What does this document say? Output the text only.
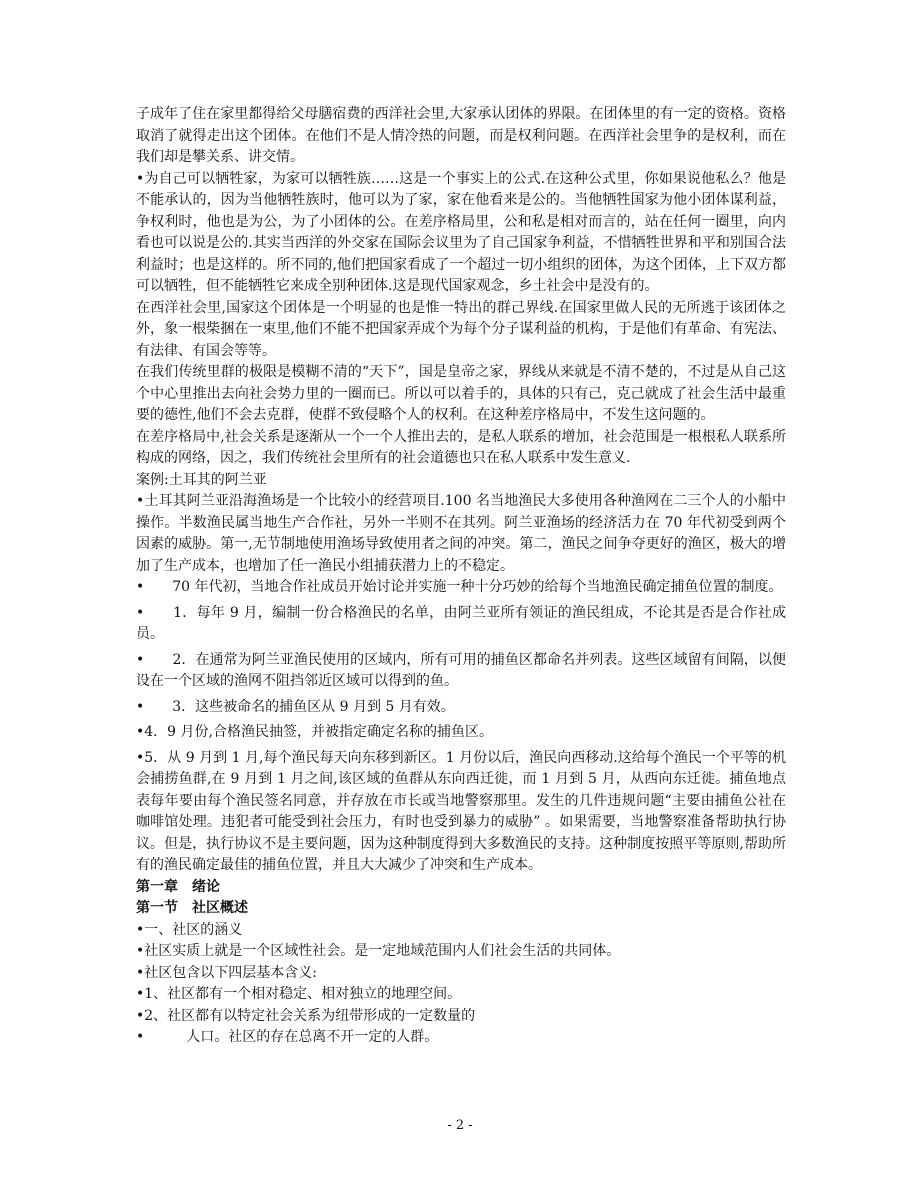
子成年了住在家里都得给父母膳宿费的西洋社会里,大家承认团体的界限。在团体里的有一定的资格。资格取消了就得走出这个团体。在他们不是人情冷热的问题，而是权利问题。在西洋社会里争的是权利，而在我们却是攀关系、讲交情。

•为自己可以牺牲家，为家可以牺牲族……这是一个事实上的公式.在这种公式里，你如果说他私么？他是不能承认的，因为当他牺牲族时，他可以为了家，家在他看来是公的。当他牺牲国家为他小团体谋利益，争权利时，他也是为公，为了小团体的公。在差序格局里，公和私是相对而言的，站在任何一圈里，向内看也可以说是公的.其实当西洋的外交家在国际会议里为了自己国家争利益，不惜牺牲世界和平和别国合法利益时；也是这样的。所不同的,他们把国家看成了一个超过一切小组织的团体，为这个团体，上下双方都可以牺牲，但不能牺牲它来成全别种团体.这是现代国家观念，乡土社会中是没有的。

在西洋社会里,国家这个团体是一个明显的也是惟一特出的群己界线.在国家里做人民的无所逃于该团体之外，象一根柴捆在一束里,他们不能不把国家弄成个为每个分子谋利益的机构，于是他们有革命、有宪法、有法律、有国会等等。

在我们传统里群的极限是模糊不清的“天下”，国是皇帝之家，界线从来就是不清不楚的，不过是从自己这个中心里推出去向社会势力里的一圈而已。所以可以着手的，具体的只有己，克己就成了社会生活中最重要的德性,他们不会去克群，使群不致侵略个人的权利。在这种差序格局中，不发生这问题的。

在差序格局中,社会关系是逐渐从一个一个人推出去的，是私人联系的增加，社会范围是一根根私人联系所构成的网络，因之，我们传统社会里所有的社会道德也只在私人联系中发生意义.

案例:土耳其的阿兰亚

•土耳其阿兰亚沿海渔场是一个比较小的经营项目.100 名当地渔民大多使用各种渔网在二三个人的小船中操作。半数渔民属当地生产合作社，另外一半则不在其列。阿兰亚渔场的经济活力在 70 年代初受到两个因素的威胁。第一,无节制地使用渔场导致使用者之间的冲突。第二，渔民之间争夺更好的渔区，极大的增加了生产成本，也增加了任一渔民小组捕获潜力上的不稳定。

•　　70 年代初，当地合作社成员开始讨论并实施一种十分巧妙的给每个当地渔民确定捕鱼位置的制度。

•　　1．每年 9 月，编制一份合格渔民的名单，由阿兰亚所有领证的渔民组成，不论其是否是合作社成员。

•　　2．在通常为阿兰亚渔民使用的区域内，所有可用的捕鱼区都命名并列表。这些区域留有间隔，以便设在一个区域的渔网不阻挡邻近区域可以得到的鱼。

•　　3．这些被命名的捕鱼区从 9 月到 5 月有效。

•4．9 月份,合格渔民抽签，并被指定确定名称的捕鱼区。

•5．从 9 月到 1 月,每个渔民每天向东移到新区。1 月份以后，渔民向西移动.这给每个渔民一个平等的机会捕捞鱼群,在 9 月到 1 月之间,该区域的鱼群从东向西迁徙，而 1 月到 5 月，从西向东迁徙。捕鱼地点表每年要由每个渔民签名同意，并存放在市长或当地警察那里。发生的几件违规问题“主要由捕鱼公社在咖啡馆处理。违犯者可能受到社会压力，有时也受到暴力的威胁” 。如果需要，当地警察准备帮助执行协议。但是，执行协议不是主要问题，因为这种制度得到大多数渔民的支持。这种制度按照平等原则,帮助所有的渔民确定最佳的捕鱼位置，并且大大减少了冲突和生产成本。

第一章　绪论

第一节　社区概述

•一、社区的涵义

•社区实质上就是一个区域性社会。是一定地域范围内人们社会生活的共同体。

•社区包含以下四层基本含义:

•1、社区都有一个相对稳定、相对独立的地理空间。

•2、社区都有以特定社会关系为纽带形成的一定数量的

•　　　人口。社区的存在总离不开一定的人群。

- 2 -
